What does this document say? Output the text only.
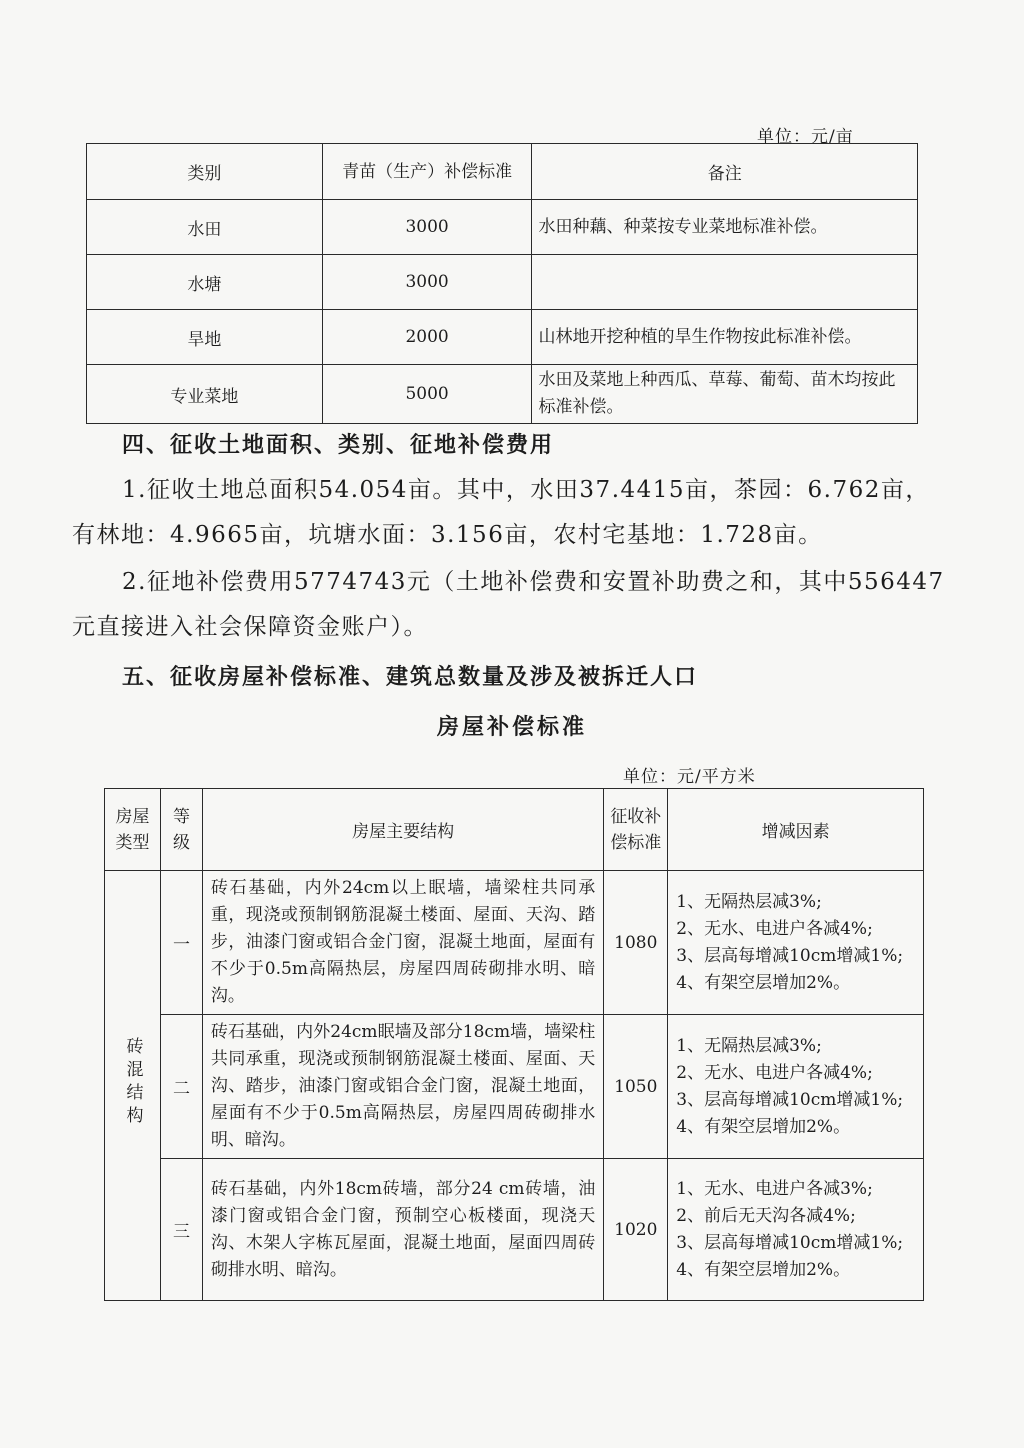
单位：元/亩
类别	青苗（生产）补偿标准	备注
水田	3000	水田种藕、种菜按专业菜地标准补偿。
水塘	3000	
旱地	2000	山林地开挖种植的旱生作物按此标准补偿。
专业菜地	5000	水田及菜地上种西瓜、草莓、葡萄、苗木均按此标准补偿。
四、征收土地面积、类别、征地补偿费用
1.征收土地总面积54.054亩。其中，水田37.4415亩，茶园：6.762亩，有林地：4.9665亩，坑塘水面：3.156亩，农村宅基地：1.728亩。
2.征地补偿费用5774743元（土地补偿费和安置补助费之和，其中556447元直接进入社会保障资金账户）。
五、征收房屋补偿标准、建筑总数量及涉及被拆迁人口
房屋补偿标准
单位：元/平方米
房屋类型	等级	房屋主要结构	征收补偿标准	增减因素
砖混结构	一	砖石基础，内外24cm以上眠墙，墙梁柱共同承重，现浇或预制钢筋混凝土楼面、屋面、天沟、踏步，油漆门窗或铝合金门窗，混凝土地面，屋面有不少于0.5m高隔热层，房屋四周砖砌排水明、暗沟。	1080	1、无隔热层减3%;
2、无水、电进户各减4%;
3、层高每增减10cm增减1%;
4、有架空层增加2%。
	二	砖石基础，内外24cm眠墙及部分18cm墙，墙梁柱共同承重，现浇或预制钢筋混凝土楼面、屋面、天沟、踏步，油漆门窗或铝合金门窗，混凝土地面，屋面有不少于0.5m高隔热层，房屋四周砖砌排水明、暗沟。	1050	1、无隔热层减3%;
2、无水、电进户各减4%;
3、层高每增减10cm增减1%;
4、有架空层增加2%。
	三	砖石基础，内外18cm砖墙，部分24 cm砖墙，油漆门窗或铝合金门窗，预制空心板楼面，现浇天沟、木架人字栋瓦屋面，混凝土地面，屋面四周砖砌排水明、暗沟。	1020	1、无水、电进户各减3%;
2、前后无天沟各减4%;
3、层高每增减10cm增减1%;
4、有架空层增加2%。
